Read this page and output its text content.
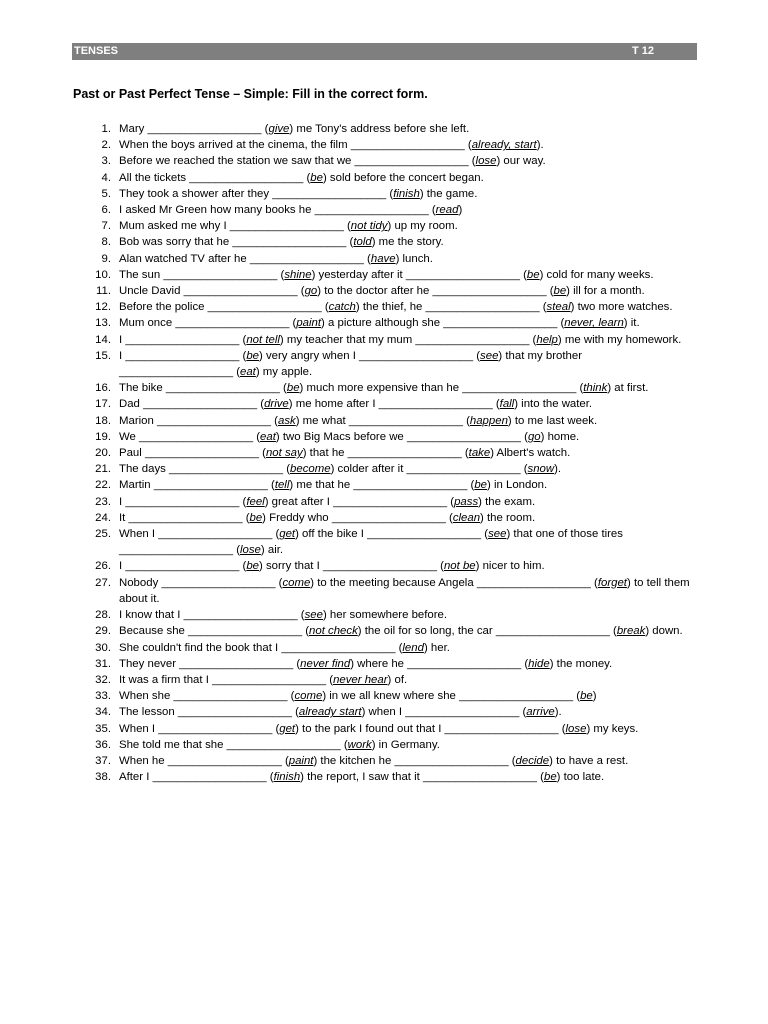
TENSES	T 12
Past or Past Perfect Tense – Simple: Fill in the correct form.
1. Mary __________________ (give) me Tony's address before she left.
2. When the boys arrived at the cinema, the film __________________ (already, start).
3. Before we reached the station we saw that we __________________ (lose) our way.
4. All the tickets __________________ (be) sold before the concert began.
5. They took a shower after they __________________ (finish) the game.
6. I asked Mr Green how many books he __________________ (read)
7. Mum asked me why I __________________ (not tidy) up my room.
8. Bob was sorry that he __________________ (told) me the story.
9. Alan watched TV after he __________________ (have) lunch.
10. The sun __________________ (shine) yesterday after it __________________ (be) cold for many weeks.
11. Uncle David __________________ (go) to the doctor after he __________________ (be) ill for a month.
12. Before the police __________________ (catch) the thief, he __________________ (steal) two more watches.
13. Mum once __________________ (paint) a picture although she __________________ (never, learn) it.
14. I __________________ (not tell) my teacher that my mum __________________ (help) me with my homework.
15. I __________________ (be) very angry when I __________________ (see) that my brother __________________ (eat) my apple.
16. The bike __________________ (be) much more expensive than he __________________ (think) at first.
17. Dad __________________ (drive) me home after I __________________ (fall) into the water.
18. Marion __________________ (ask) me what __________________ (happen) to me last week.
19. We __________________ (eat) two Big Macs before we __________________ (go) home.
20. Paul __________________ (not say) that he __________________ (take) Albert's watch.
21. The days __________________ (become) colder after it __________________ (snow).
22. Martin __________________ (tell) me that he __________________ (be) in London.
23. I __________________ (feel) great after I __________________ (pass) the exam.
24. It __________________ (be) Freddy who __________________ (clean) the room.
25. When I __________________ (get) off the bike I __________________ (see) that one of those tires __________________ (lose) air.
26. I __________________ (be) sorry that I __________________ (not be) nicer to him.
27. Nobody __________________ (come) to the meeting because Angela __________________ (forget) to tell them about it.
28. I know that I __________________ (see) her somewhere before.
29. Because she __________________ (not check) the oil for so long, the car __________________ (break) down.
30. She couldn't find the book that I __________________ (lend) her.
31. They never __________________ (never find) where he __________________ (hide) the money.
32. It was a firm that I __________________ (never hear) of.
33. When she __________________ (come) in we all knew where she __________________ (be)
34. The lesson __________________ (already start) when I __________________ (arrive).
35. When I __________________ (get) to the park I found out that I __________________ (lose) my keys.
36. She told me that she __________________ (work) in Germany.
37. When he __________________ (paint) the kitchen he __________________ (decide) to have a rest.
38. After I __________________ (finish) the report, I saw that it __________________ (be) too late.
